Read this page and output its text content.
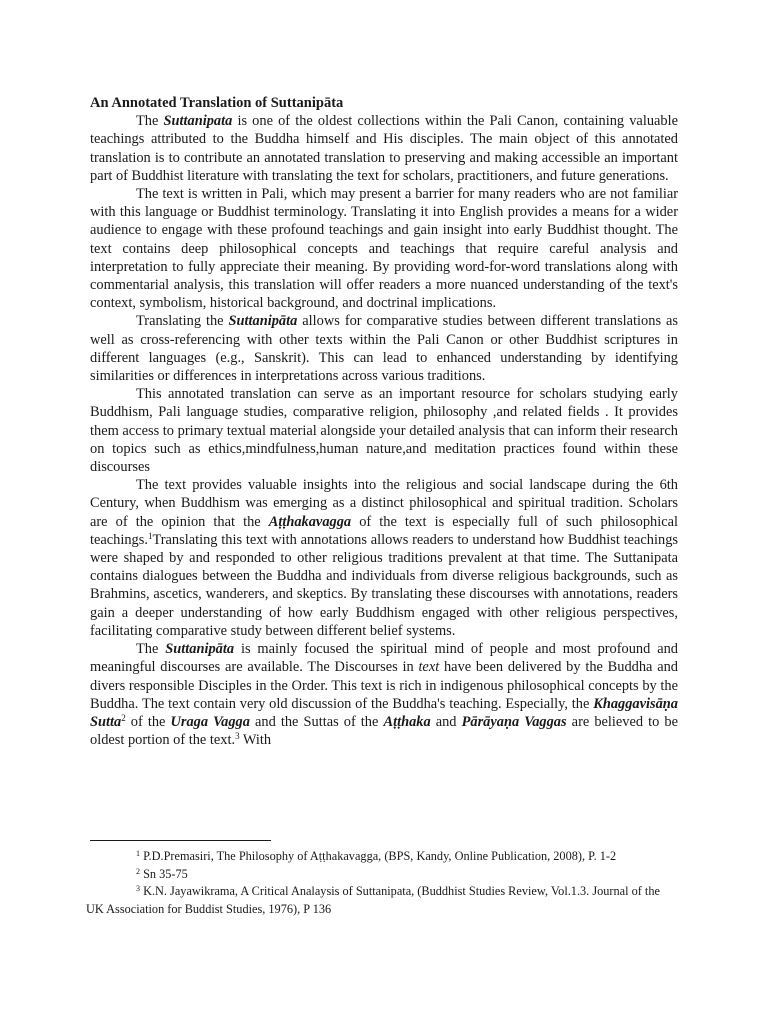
An Annotated Translation of Suttanipāta

The Suttanipata is one of the oldest collections within the Pali Canon, containing valuable teachings attributed to the Buddha himself and His disciples. The main object of this annotated translation is to contribute an annotated translation to preserving and making accessible an important part of Buddhist literature with translating the text for scholars, practitioners, and future generations.

The text is written in Pali, which may present a barrier for many readers who are not familiar with this language or Buddhist terminology. Translating it into English provides a means for a wider audience to engage with these profound teachings and gain insight into early Buddhist thought. The text contains deep philosophical concepts and teachings that require careful analysis and interpretation to fully appreciate their meaning. By providing word-for-word translations along with commentarial analysis, this translation will offer readers a more nuanced understanding of the text's context, symbolism, historical background, and doctrinal implications.

Translating the Suttanipāta allows for comparative studies between different translations as well as cross-referencing with other texts within the Pali Canon or other Buddhist scriptures in different languages (e.g., Sanskrit). This can lead to enhanced understanding by identifying similarities or differences in interpretations across various traditions.

This annotated translation can serve as an important resource for scholars studying early Buddhism, Pali language studies, comparative religion, philosophy ,and related fields . It provides them access to primary textual material alongside your detailed analysis that can inform their research on topics such as ethics,mindfulness,human nature,and meditation practices found within these discourses

The text provides valuable insights into the religious and social landscape during the 6th Century, when Buddhism was emerging as a distinct philosophical and spiritual tradition. Scholars are of the opinion that the Aṭṭhakavagga of the text is especially full of such philosophical teachings.$^1$Translating this text with annotations allows readers to understand how Buddhist teachings were shaped by and responded to other religious traditions prevalent at that time. The Suttanipata contains dialogues between the Buddha and individuals from diverse religious backgrounds, such as Brahmins, ascetics, wanderers, and skeptics. By translating these discourses with annotations, readers gain a deeper understanding of how early Buddhism engaged with other religious perspectives, facilitating comparative study between different belief systems.

The Suttanipāta is mainly focused the spiritual mind of people and most profound and meaningful discourses are available. The Discourses in text have been delivered by the Buddha and divers responsible Disciples in the Order. This text is rich in indigenous philosophical concepts by the Buddha. The text contain very old discussion of the Buddha's teaching. Especially, the Khaggavisāṇa Sutta$^2$ of the Uraga Vagga and the Suttas of the Aṭṭhaka and Pārāyaṇa Vaggas are believed to be oldest portion of the text.$^3$ With

$^1$ P.D.Premasiri, The Philosophy of Aṭṭhakavagga, (BPS, Kandy, Online Publication, 2008), P. 1-2

$^2$ Sn 35-75

$^3$ K.N. Jayawikrama, A Critical Analaysis of Suttanipata, (Buddhist Studies Review, Vol.1.3. Journal of the UK Association for Buddist Studies, 1976), P 136
